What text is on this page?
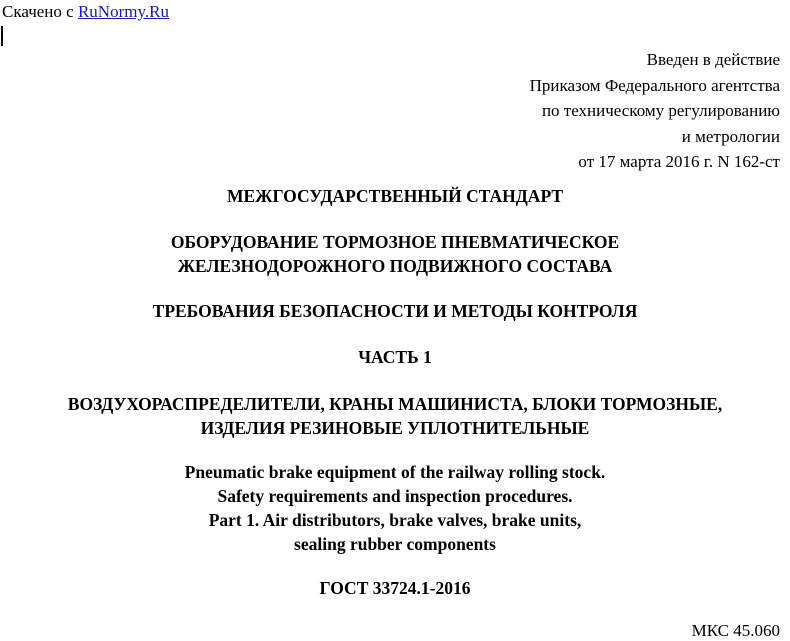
Скачено с RuNormy.Ru
Введен в действие
Приказом Федерального агентства
по техническому регулированию
и метрологии
от 17 марта 2016 г. N 162-ст
МЕЖГОСУДАРСТВЕННЫЙ СТАНДАРТ
ОБОРУДОВАНИЕ ТОРМОЗНОЕ ПНЕВМАТИЧЕСКОЕ
ЖЕЛЕЗНОДОРОЖНОГО ПОДВИЖНОГО СОСТАВА
ТРЕБОВАНИЯ БЕЗОПАСНОСТИ И МЕТОДЫ КОНТРОЛЯ
ЧАСТЬ 1
ВОЗДУХОРАСПРЕДЕЛИТЕЛИ, КРАНЫ МАШИНИСТА, БЛОКИ ТОРМОЗНЫЕ,
ИЗДЕЛИЯ РЕЗИНОВЫЕ УПЛОТНИТЕЛЬНЫЕ
Pneumatic brake equipment of the railway rolling stock.
Safety requirements and inspection procedures.
Part 1. Air distributors, brake valves, brake units,
sealing rubber components
ГОСТ 33724.1-2016
МКС 45.060
